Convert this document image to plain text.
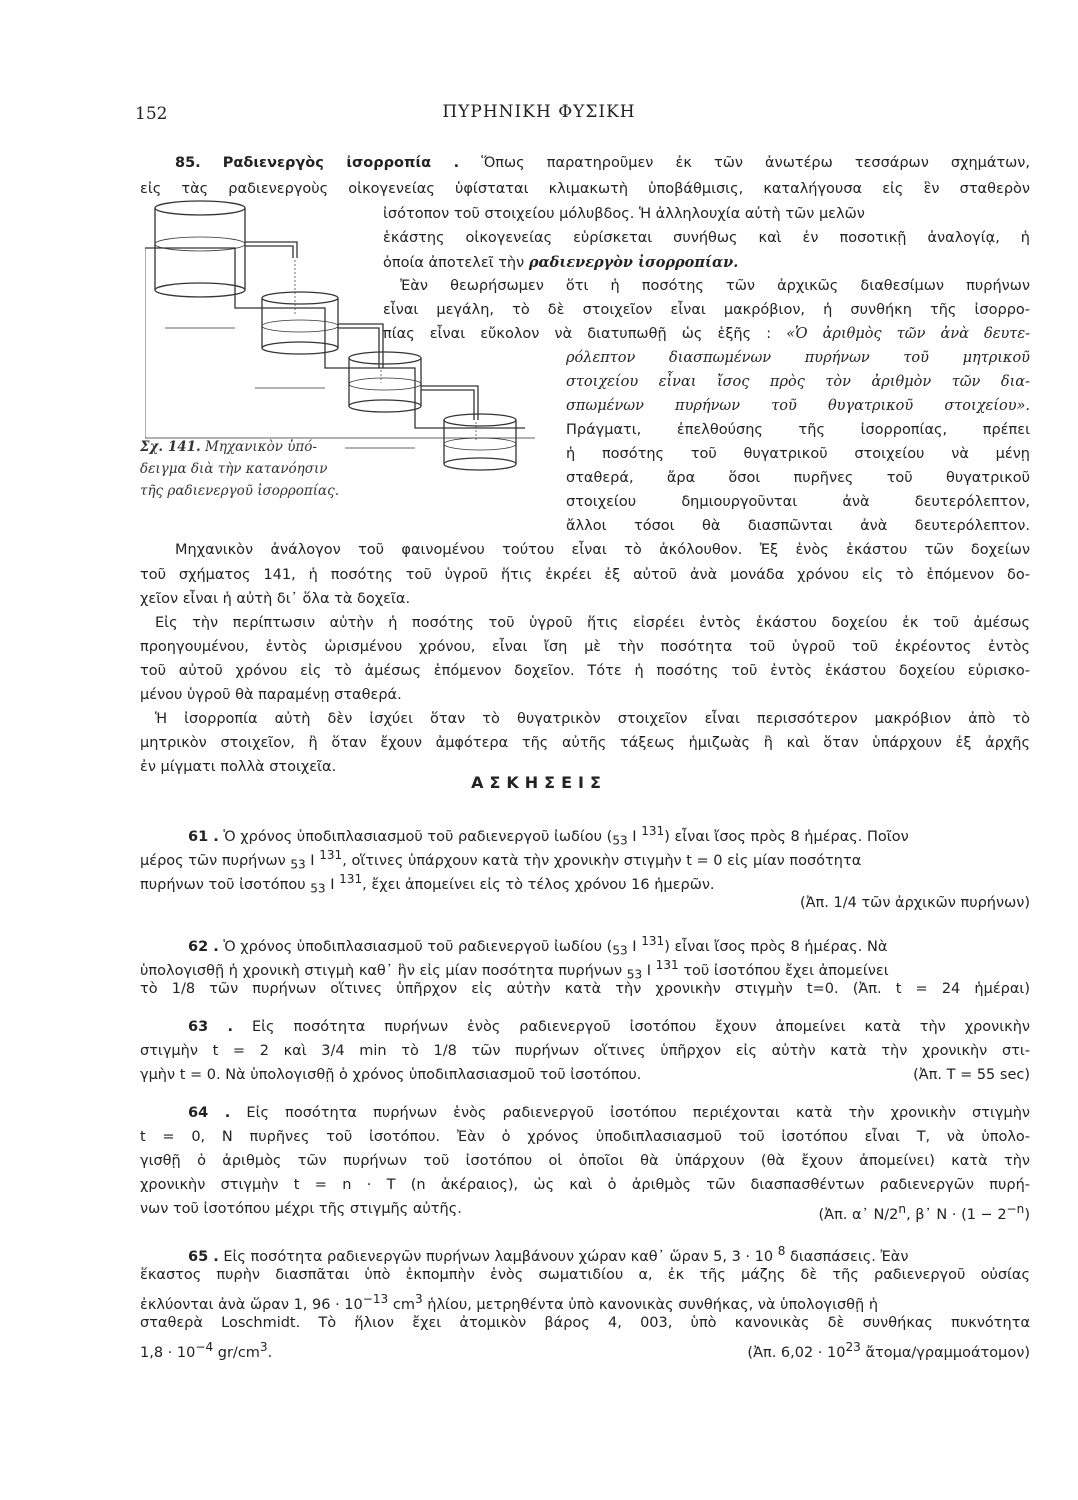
152	ΠΥΡΗΝΙΚΗ ΦΥΣΙΚΗ
85. Ραδιενεργὸς ἰσορροπία . Ὅπως παρατηροῦμεν ἐκ τῶν ἀνωτέρω τεσσάρων σχημάτων,
εἰς τὰς ραδιενεργοὺς οἰκογενείας ὑφίσταται κλιμακωτὴ ὑποβάθμισις, καταλήγουσα εἰς ἓν σταθερὸν
ἰσότοπον τοῦ στοιχείου μόλυβδος. Ἡ ἀλληλουχία αὐτὴ τῶν μελῶν
ἑκάστης οἰκογενείας εὑρίσκεται συνήθως καὶ ἐν ποσοτικῇ ἀναλογίᾳ, ἡ
ὁποία ἀποτελεῖ τὴν ραδιενεργὸν ἰσορροπίαν.
Ἐὰν θεωρήσωμεν ὅτι ἡ ποσότης τῶν ἀρχικῶς διαθεσίμων πυρήνων
εἶναι μεγάλη, τὸ δὲ στοιχεῖον εἶναι μακρόβιον, ἡ συνθήκη τῆς ἰσορρο-
πίας εἶναι εὔκολον νὰ διατυπωθῇ ὡς ἑξῆς : «Ὁ ἀριθμὸς τῶν ἀνὰ δευτε-
ρόλεπτον διασπωμένων πυρήνων τοῦ μητρικοῦ
στοιχείου εἶναι ἴσος πρὸς τὸν ἀριθμὸν τῶν δια-
σπωμένων πυρήνων τοῦ θυγατρικοῦ στοιχείου».
Πράγματι, ἐπελθούσης τῆς ἰσορροπίας, πρέπει
ἡ ποσότης τοῦ θυγατρικοῦ στοιχείου νὰ μένῃ
σταθερά, ἄρα ὅσοι πυρῆνες τοῦ θυγατρικοῦ
στοιχείου δημιουργοῦνται ἀνὰ δευτερόλεπτον,
ἄλλοι τόσοι θὰ διασπῶνται ἀνὰ δευτερόλεπτον.
Μηχανικὸν ἀνάλογον τοῦ φαινομένου τούτου εἶναι τὸ ἀκόλουθον. Ἐξ ἑνὸς ἑκάστου τῶν δοχείων
τοῦ σχήματος 141, ἡ ποσότης τοῦ ὑγροῦ ἥτις ἐκρέει ἐξ αὐτοῦ ἀνὰ μονάδα χρόνου εἰς τὸ ἑπόμενον δο-
χεῖον εἶναι ἡ αὐτὴ δι᾽ ὅλα τὰ δοχεῖα.
Εἰς τὴν περίπτωσιν αὐτὴν ἡ ποσότης τοῦ ὑγροῦ ἥτις εἰσρέει ἐντὸς ἑκάστου δοχείου ἐκ τοῦ ἀμέσως
προηγουμένου, ἐντὸς ὡρισμένου χρόνου, εἶναι ἴση μὲ τὴν ποσότητα τοῦ ὑγροῦ τοῦ ἐκρέοντος ἐντὸς
τοῦ αὐτοῦ χρόνου εἰς τὸ ἀμέσως ἑπόμενον δοχεῖον. Τότε ἡ ποσότης τοῦ ἐντὸς ἑκάστου δοχείου εὑρισκο-
μένου ὑγροῦ θὰ παραμένῃ σταθερά.
Ἡ ἰσορροπία αὐτὴ δὲν ἰσχύει ὅταν τὸ θυγατρικὸν στοιχεῖον εἶναι περισσότερον μακρόβιον ἀπὸ τὸ
μητρικὸν στοιχεῖον, ἢ ὅταν ἔχουν ἀμφότερα τῆς αὐτῆς τάξεως ἡμιζωὰς ἢ καὶ ὅταν ὑπάρχουν ἐξ ἀρχῆς
ἐν μίγματι πολλὰ στοιχεῖα.
Σχ. 141. Μηχανικὸν ὑπό-
δειγμα διὰ τὴν κατανόησιν
τῆς ραδιενεργοῦ ἰσορροπίας.
ΑΣΚΗΣΕΙΣ
61 . Ὁ χρόνος ὑποδιπλασιασμοῦ τοῦ ραδιενεργοῦ ἰωδίου ($_{53}$ I $^{131}$) εἶναι ἴσος πρὸς 8 ἡμέρας. Ποῖον
μέρος τῶν πυρήνων $_{53}$ I $^{131}$, οἵτινες ὑπάρχουν κατὰ τὴν χρονικὴν στιγμὴν t = 0 εἰς μίαν ποσότητα
πυρήνων τοῦ ἰσοτόπου $_{53}$ I $^{131}$, ἔχει ἀπομείνει εἰς τὸ τέλος χρόνου 16 ἡμερῶν.
(Ἀπ. 1/4 τῶν ἀρχικῶν πυρήνων)
62 . Ὁ χρόνος ὑποδιπλασιασμοῦ τοῦ ραδιενεργοῦ ἰωδίου ($_{53}$ I $^{131}$) εἶναι ἴσος πρὸς 8 ἡμέρας. Νὰ
ὑπολογισθῇ ἡ χρονικὴ στιγμὴ καθ᾽ ἣν εἰς μίαν ποσότητα πυρήνων $_{53}$ I $^{131}$ τοῦ ἰσοτόπου ἔχει ἀπομείνει
τὸ 1/8 τῶν πυρήνων οἵτινες ὑπῆρχον εἰς αὐτὴν κατὰ τὴν χρονικὴν στιγμὴν t=0. (Ἀπ. t = 24 ἡμέραι)
63 . Εἰς ποσότητα πυρήνων ἑνὸς ραδιενεργοῦ ἰσοτόπου ἔχουν ἀπομείνει κατὰ τὴν χρονικὴν
στιγμὴν t = 2 καὶ 3/4 min τὸ 1/8 τῶν πυρήνων οἵτινες ὑπῆρχον εἰς αὐτὴν κατὰ τὴν χρονικὴν στι-
γμὴν t = 0. Νὰ ὑπολογισθῇ ὁ χρόνος ὑποδιπλασιασμοῦ τοῦ ἰσοτόπου.	(Ἀπ. T = 55 sec)
64 . Εἰς ποσότητα πυρήνων ἑνὸς ραδιενεργοῦ ἰσοτόπου περιέχονται κατὰ τὴν χρονικὴν στιγμὴν
t = 0, N πυρῆνες τοῦ ἰσοτόπου. Ἐὰν ὁ χρόνος ὑποδιπλασιασμοῦ τοῦ ἰσοτόπου εἶναι T, νὰ ὑπολο-
γισθῇ ὁ ἀριθμὸς τῶν πυρήνων τοῦ ἰσοτόπου οἱ ὁποῖοι θὰ ὑπάρχουν (θὰ ἔχουν ἀπομείνει) κατὰ τὴν
χρονικὴν στιγμὴν t = n · T (n ἀκέραιος), ὡς καὶ ὁ ἀριθμὸς τῶν διασπασθέντων ραδιενεργῶν πυρή-
νων τοῦ ἰσοτόπου μέχρι τῆς στιγμῆς αὐτῆς.	(Ἀπ. α᾽ N/2$^n$, β᾽ $N \cdot (1 - 2^{-n})$
65 . Εἰς ποσότητα ραδιενεργῶν πυρήνων λαμβάνουν χώραν καθ᾽ ὥραν 5, 3 · 10 $^8$ διασπάσεις. Ἐὰν
ἕκαστος πυρὴν διασπᾶται ὑπὸ ἐκπομπὴν ἑνὸς σωματιδίου α, ἐκ τῆς μάζης δὲ τῆς ραδιενεργοῦ οὐσίας
ἐκλύονται ἀνὰ ὥραν 1, $96 \cdot 10^{-13}$ $cm^3$ ἡλίου, μετρηθέντα ὑπὸ κανονικὰς συνθήκας, νὰ ὑπολογισθῇ ἡ
σταθερὰ Loschmidt. Τὸ ἥλιον ἔχει ἀτομικὸν βάρος 4, 003, ὑπὸ κανονικὰς δὲ συνθήκας πυκνότητα
$1,8 \cdot 10^{-4}$ $gr/cm^3$.	(Ἀπ. $6,02 \cdot 10^{23}$ ἄτομα/γραμμοάτομον)
